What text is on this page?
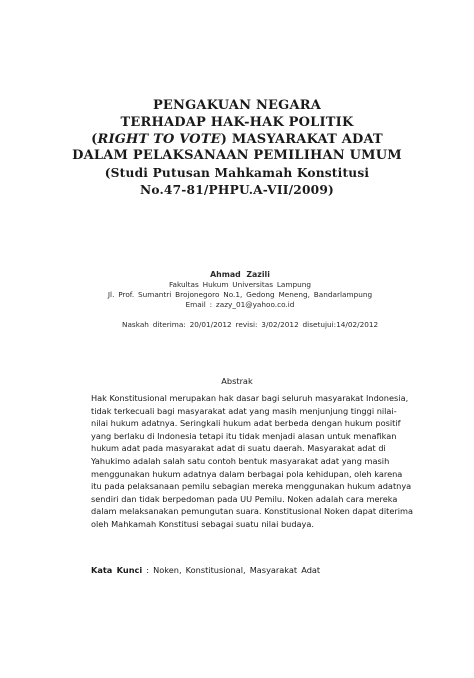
PENGAKUAN NEGARA
TERHADAP HAK-HAK POLITIK
(RIGHT TO VOTE) MASYARAKAT ADAT
DALAM PELAKSANAAN PEMILIHAN UMUM
(Studi Putusan Mahkamah Konstitusi
No.47-81/PHPU.A-VII/2009)
Ahmad Zazili
Fakultas Hukum Universitas Lampung
Jl. Prof. Sumantri Brojonegoro No.1, Gedong Meneng, Bandarlampung
Email : zazy_01@yahoo.co.id
Naskah diterima: 20/01/2012 revisi: 3/02/2012 disetujui:14/02/2012
Abstrak
Hak Konstitusional merupakan hak dasar bagi seluruh masyarakat Indonesia,
tidak terkecuali bagi masyarakat adat yang masih menjunjung tinggi nilai-
nilai hukum adatnya. Seringkali hukum adat berbeda dengan hukum positif
yang berlaku di Indonesia tetapi itu tidak menjadi alasan untuk menafikan
hukum adat pada masyarakat adat di suatu daerah. Masyarakat adat di
Yahukimo adalah salah satu contoh bentuk masyarakat adat yang masih
menggunakan hukum adatnya dalam berbagai pola kehidupan, oleh karena
itu pada pelaksanaan pemilu sebagian mereka menggunakan hukum adatnya
sendiri dan tidak berpedoman pada UU Pemilu. Noken adalah cara mereka
dalam melaksanakan pemungutan suara. Konstitusional Noken dapat diterima
oleh Mahkamah Konstitusi sebagai suatu nilai budaya.
Kata Kunci : Noken, Konstitusional, Masyarakat Adat
